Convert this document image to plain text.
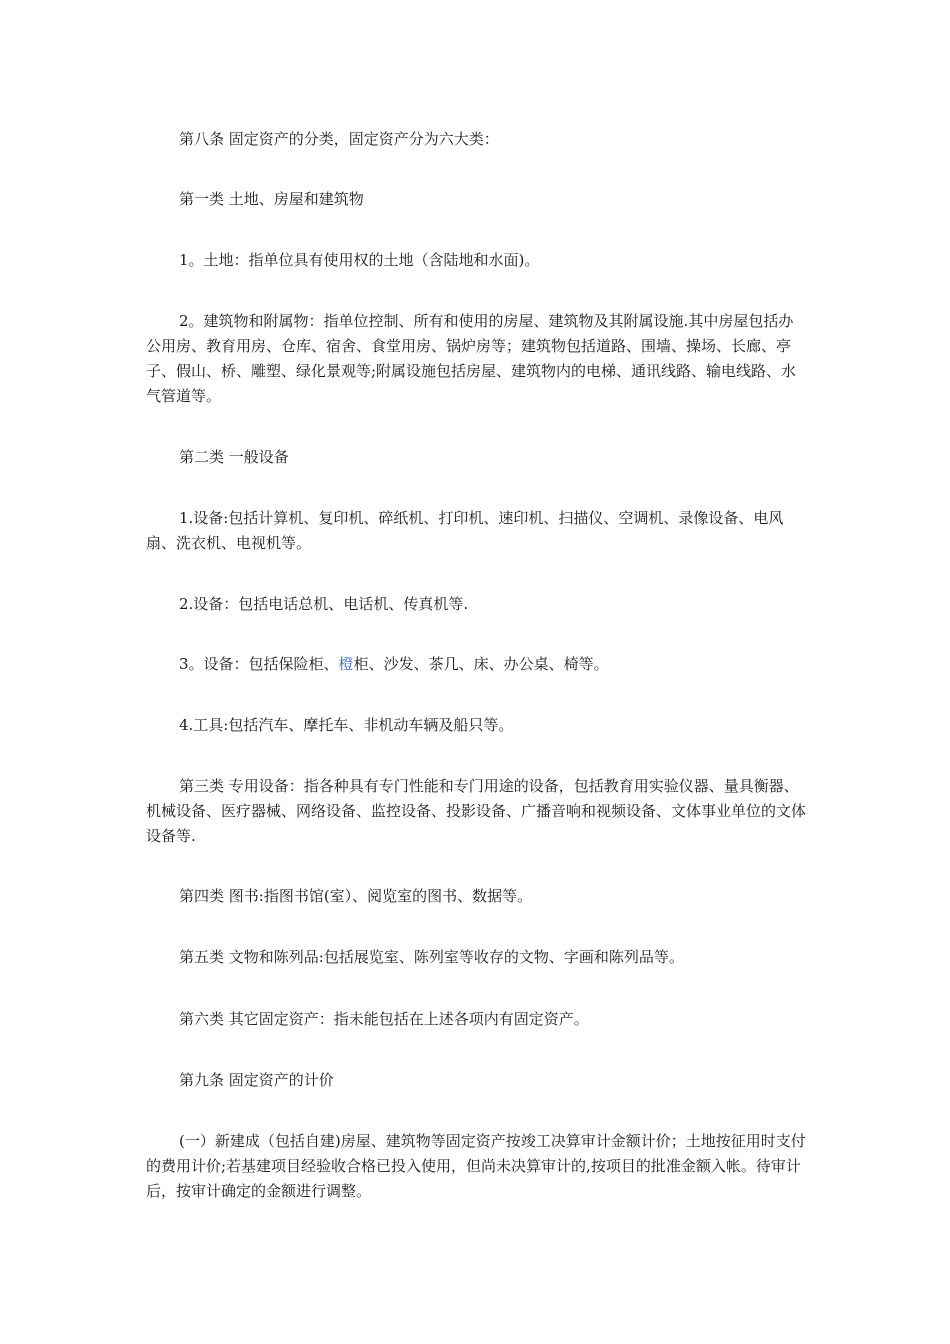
第八条 固定资产的分类，固定资产分为六大类：

第一类 土地、房屋和建筑物

1。土地：指单位具有使用权的土地（含陆地和水面)。

2。建筑物和附属物：指单位控制、所有和使用的房屋、建筑物及其附属设施.其中房屋包括办公用房、教育用房、仓库、宿舍、食堂用房、锅炉房等；建筑物包括道路、围墙、操场、长廊、亭子、假山、桥、雕塑、绿化景观等;附属设施包括房屋、建筑物内的电梯、通讯线路、输电线路、水气管道等。

第二类 一般设备

1.设备:包括计算机、复印机、碎纸机、打印机、速印机、扫描仪、空调机、录像设备、电风扇、洗衣机、电视机等。

2.设备：包括电话总机、电话机、传真机等.

3。设备：包括保险柜、橙柜、沙发、茶几、床、办公桌、椅等。

4.工具:包括汽车、摩托车、非机动车辆及船只等。

第三类 专用设备：指各种具有专门性能和专门用途的设备，包括教育用实验仪器、量具衡器、机械设备、医疗器械、网络设备、监控设备、投影设备、广播音响和视频设备、文体事业单位的文体设备等.

第四类 图书:指图书馆(室）、阅览室的图书、数据等。

第五类 文物和陈列品:包括展览室、陈列室等收存的文物、字画和陈列品等。

第六类 其它固定资产：指未能包括在上述各项内有固定资产。

第九条 固定资产的计价

(一）新建成（包括自建)房屋、建筑物等固定资产按竣工决算审计金额计价；土地按征用时支付的费用计价;若基建项目经验收合格已投入使用，但尚未决算审计的,按项目的批准金额入帐。待审计后，按审计确定的金额进行调整。
